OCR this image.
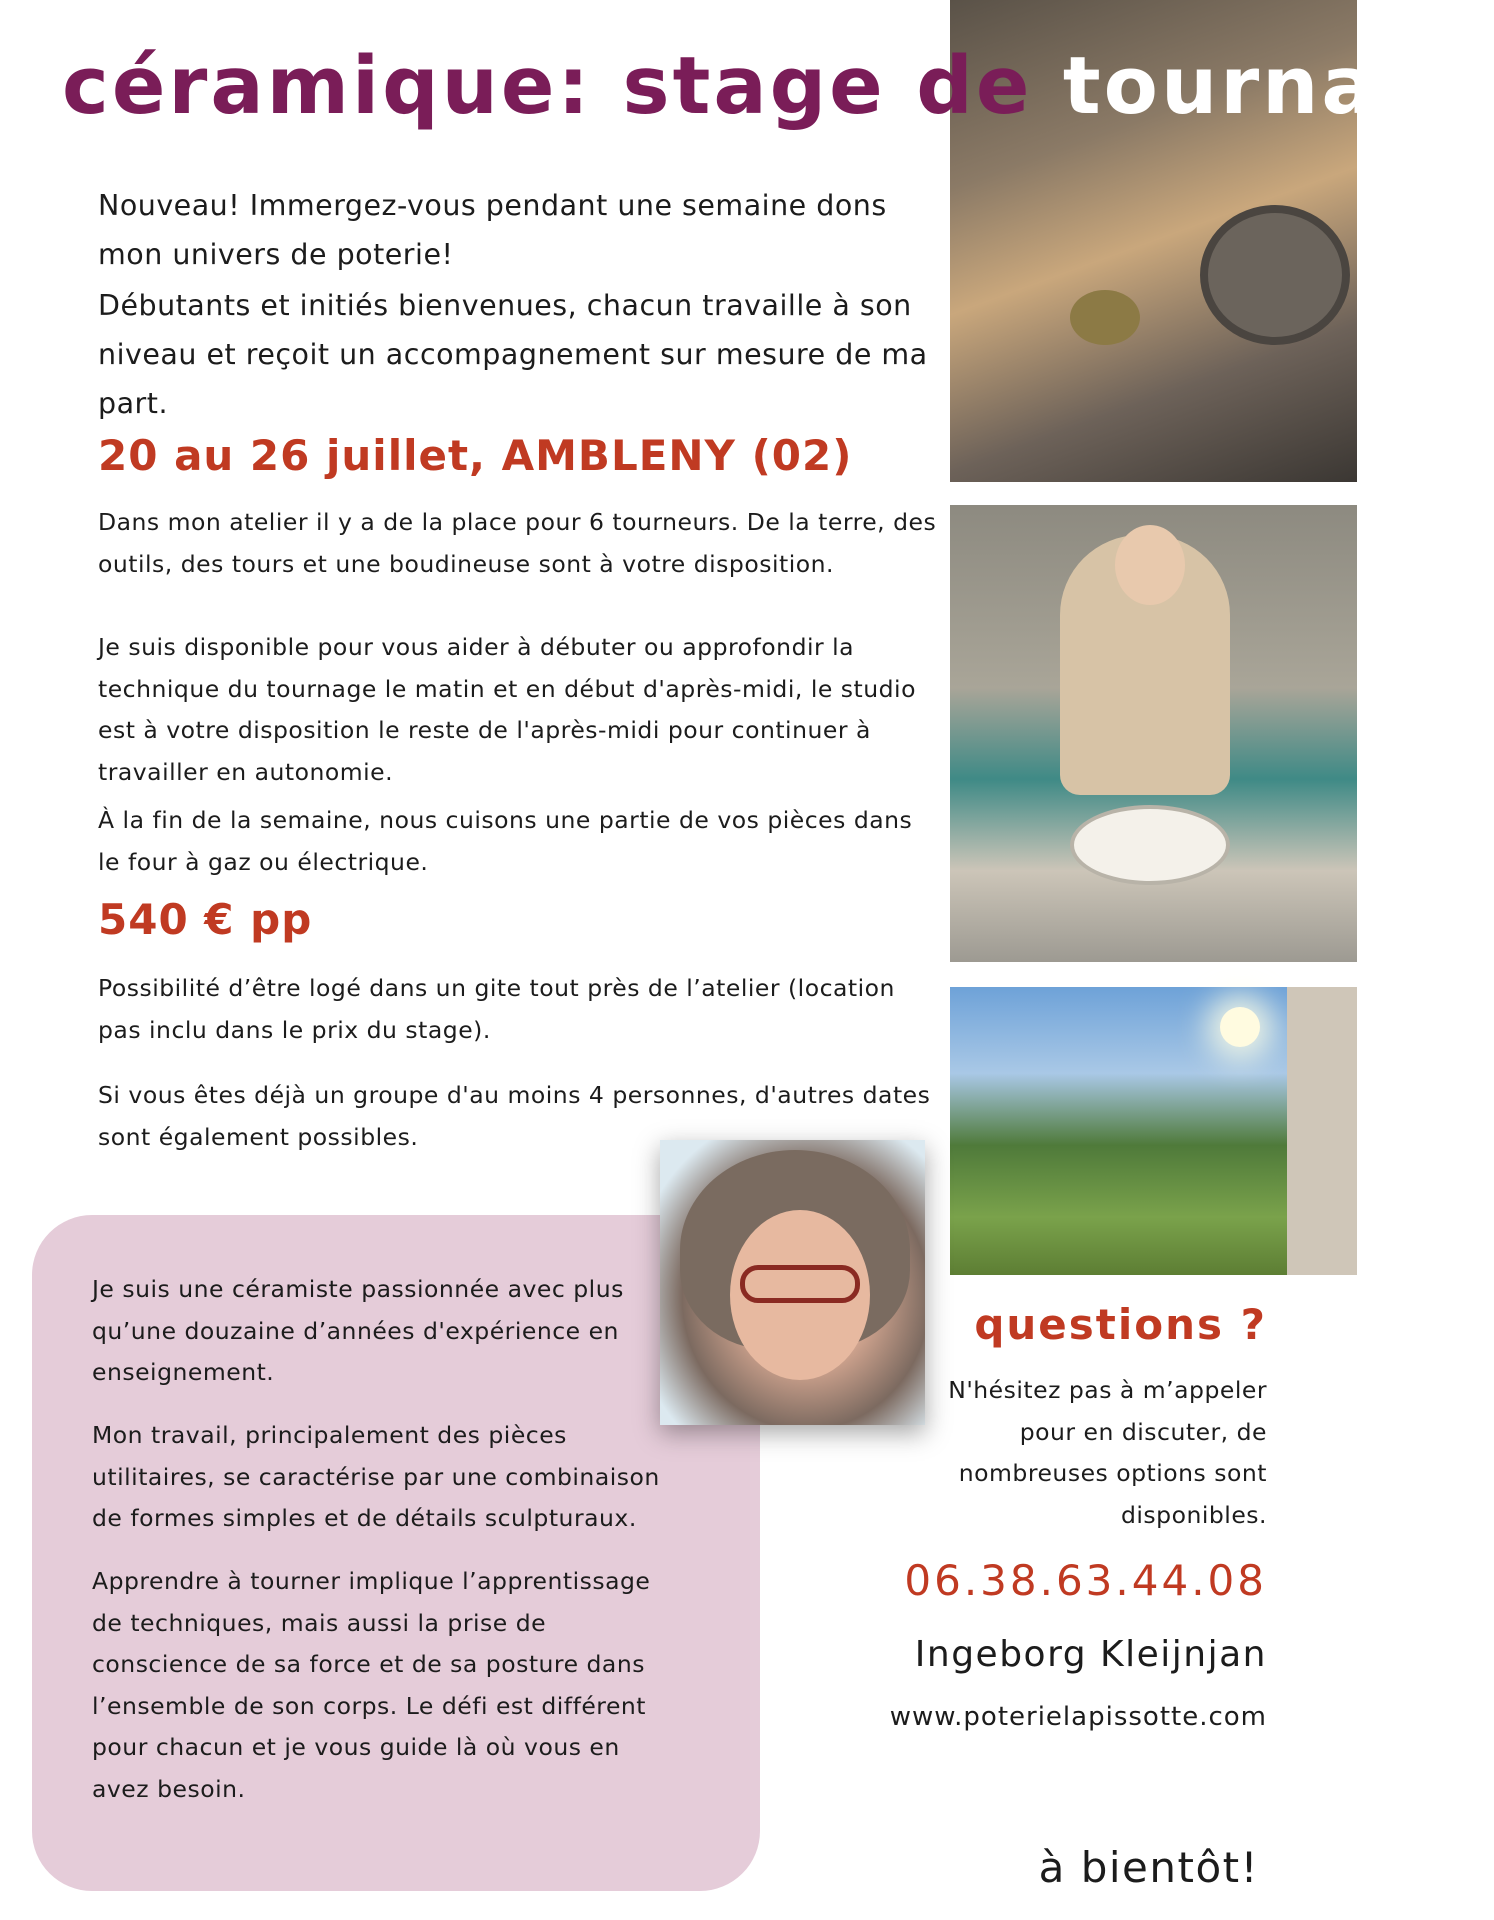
céramique: stage de tournage

Nouveau! Immergez-vous pendant une semaine dons mon univers de poterie!

Débutants et initiés bienvenues, chacun travaille à son niveau et reçoit un accompagnement sur mesure de ma part.

20 au 26 juillet, AMBLENY (02)

Dans mon atelier il y a de la place pour 6 tourneurs. De la terre, des outils, des tours et une boudineuse sont à votre disposition.

Je suis disponible pour vous aider à débuter ou approfondir la technique du tournage le matin et en début d'après-midi, le studio est à votre disposition le reste de l'après-midi pour continuer à travailler en autonomie.

À la fin de la semaine, nous cuisons une partie de vos pièces dans le four à gaz ou électrique.

540 € pp

Possibilité d’être logé dans un gite tout près de l’atelier (location pas inclu dans le prix du stage).

Si vous êtes déjà un groupe d'au moins 4 personnes, d'autres dates sont également possibles.

Je suis une céramiste passionnée avec plus qu’une douzaine d’années d'expérience en enseignement.

Mon travail, principalement des pièces utilitaires, se caractérise par une combinaison de formes simples et de détails sculpturaux.

Apprendre à tourner implique l’apprentissage de techniques, mais aussi la prise de conscience de sa force et de sa posture dans l’ensemble de son corps. Le défi est différent pour chacun et je vous guide là où vous en avez besoin.

questions ?

N'hésitez pas à m’appeler pour en discuter, de nombreuses options sont disponibles.

06.38.63.44.08

Ingeborg Kleijnjan

www.poterielapissotte.com

à bientôt!
